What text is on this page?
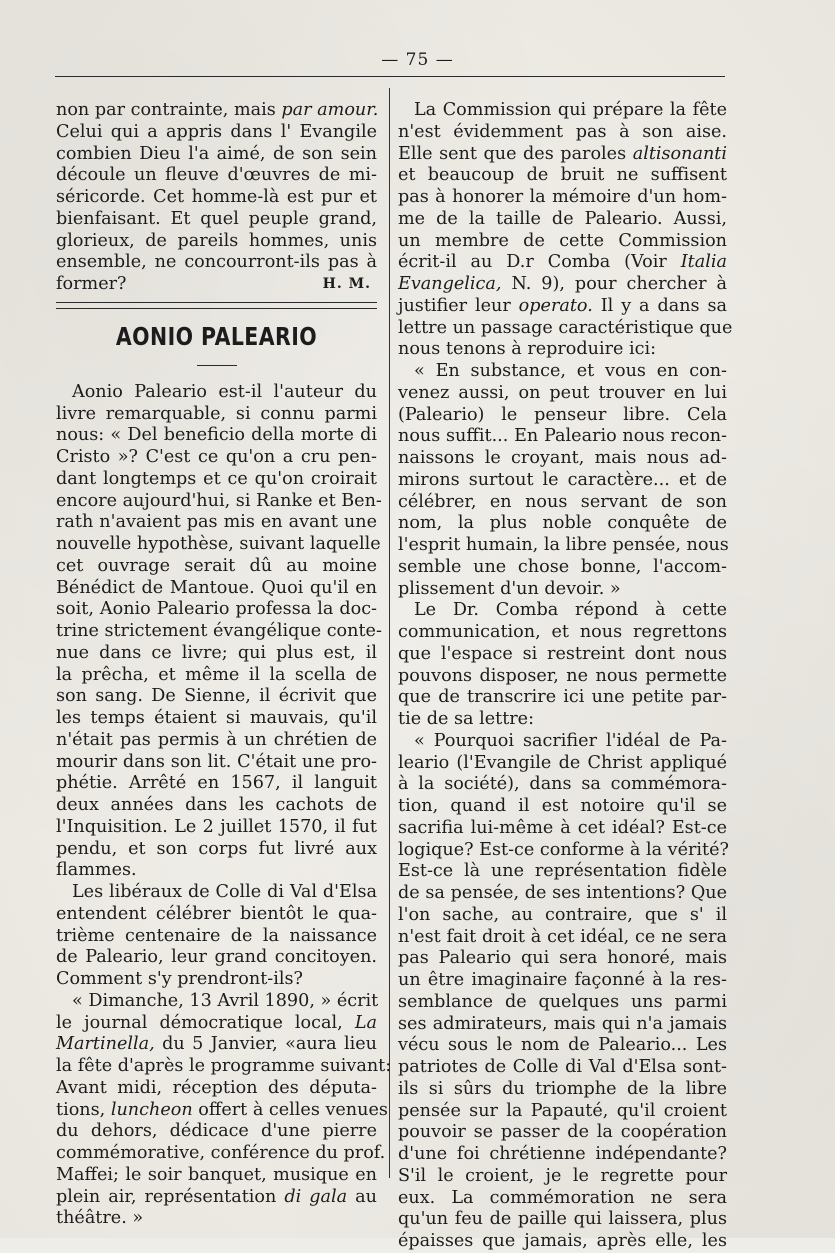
— 75 —
non par contrainte, mais par amour.
Celui qui a appris dans l' Evangile
combien Dieu l'a aimé, de son sein
découle un fleuve d'œuvres de mi-
séricorde. Cet homme-là est pur et
bienfaisant. Et quel peuple grand,
glorieux, de pareils hommes, unis
ensemble, ne concourront-ils pas à
former?	H. M.
AONIO PALEARIO
Aonio Paleario est-il l'auteur du
livre remarquable, si connu parmi
nous: « Del beneficio della morte di
Cristo »? C'est ce qu'on a cru pen-
dant longtemps et ce qu'on croirait
encore aujourd'hui, si Ranke et Ben-
rath n'avaient pas mis en avant une
nouvelle hypothèse, suivant laquelle
cet ouvrage serait dû au moine
Bénédict de Mantoue. Quoi qu'il en
soit, Aonio Paleario professa la doc-
trine strictement évangélique conte-
nue dans ce livre; qui plus est, il
la prêcha, et même il la scella de
son sang. De Sienne, il écrivit que
les temps étaient si mauvais, qu'il
n'était pas permis à un chrétien de
mourir dans son lit. C'était une pro-
phétie. Arrêté en 1567, il languit
deux années dans les cachots de
l'Inquisition. Le 2 juillet 1570, il fut
pendu, et son corps fut livré aux
flammes.
Les libéraux de Colle di Val d'Elsa
entendent célébrer bientôt le qua-
trième centenaire de la naissance
de Paleario, leur grand concitoyen.
Comment s'y prendront-ils?
« Dimanche, 13 Avril 1890, » écrit
le journal démocratique local, La
Martinella, du 5 Janvier, «aura lieu
la fête d'après le programme suivant:
Avant midi, réception des députa-
tions, luncheon offert à celles venues
du dehors, dédicace d'une pierre
commémorative, conférence du prof.
Maffei; le soir banquet, musique en
plein air, représentation di gala au
théâtre. »
La Commission qui prépare la fête
n'est évidemment pas à son aise.
Elle sent que des paroles altisonanti
et beaucoup de bruit ne suffisent
pas à honorer la mémoire d'un hom-
me de la taille de Paleario. Aussi,
un membre de cette Commission
écrit-il au D.r Comba (Voir Italia
Evangelica, N. 9), pour chercher à
justifier leur operato. Il y a dans sa
lettre un passage caractéristique que
nous tenons à reproduire ici:
« En substance, et vous en con-
venez aussi, on peut trouver en lui
(Paleario) le penseur libre. Cela
nous suffit... En Paleario nous recon-
naissons le croyant, mais nous ad-
mirons surtout le caractère... et de
célébrer, en nous servant de son
nom, la plus noble conquête de
l'esprit humain, la libre pensée, nous
semble une chose bonne, l'accom-
plissement d'un devoir. »
Le Dr. Comba répond à cette
communication, et nous regrettons
que l'espace si restreint dont nous
pouvons disposer, ne nous permette
que de transcrire ici une petite par-
tie de sa lettre:
« Pourquoi sacrifier l'idéal de Pa-
leario (l'Evangile de Christ appliqué
à la société), dans sa commémora-
tion, quand il est notoire qu'il se
sacrifia lui-même à cet idéal? Est-ce
logique? Est-ce conforme à la vérité?
Est-ce là une représentation fidèle
de sa pensée, de ses intentions? Que
l'on sache, au contraire, que s' il
n'est fait droit à cet idéal, ce ne sera
pas Paleario qui sera honoré, mais
un être imaginaire façonné à la res-
semblance de quelques uns parmi
ses admirateurs, mais qui n'a jamais
vécu sous le nom de Paleario... Les
patriotes de Colle di Val d'Elsa sont-
ils si sûrs du triomphe de la libre
pensée sur la Papauté, qu'il croient
pouvoir se passer de la coopération
d'une foi chrétienne indépendante?
S'il le croient, je le regrette pour
eux. La commémoration ne sera
qu'un feu de paille qui laissera, plus
épaisses que jamais, après elle, les
